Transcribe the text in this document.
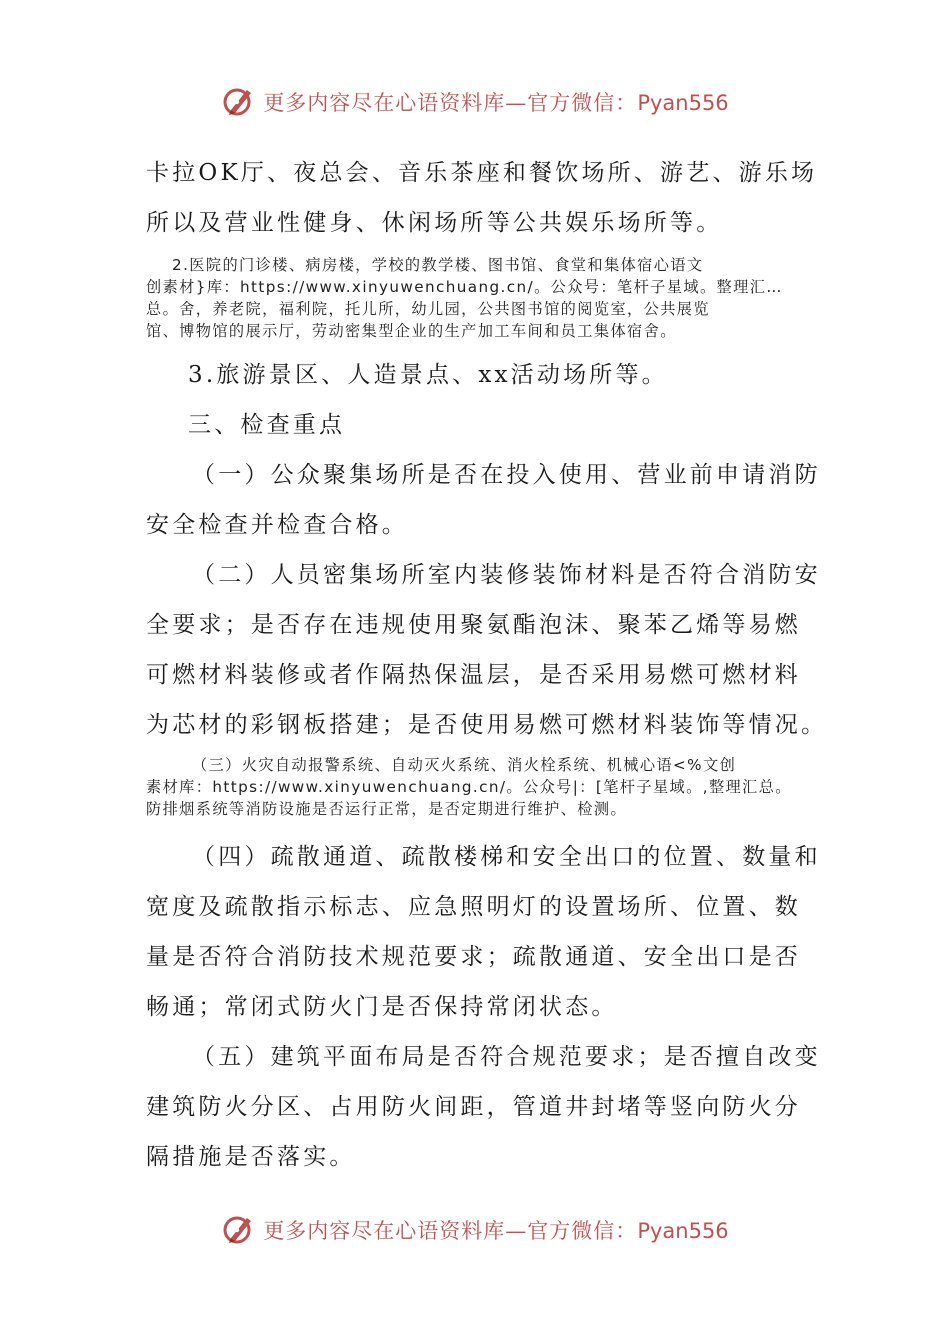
更多内容尽在心语资料库—官方微信：Pyan556

卡拉OK厅、夜总会、音乐茶座和餐饮场所、游艺、游乐场

所以及营业性健身、休闲场所等公共娱乐场所等。

2.医院的门诊楼、病房楼，学校的教学楼、图书馆、食堂和集体宿心语文

创素材}库：https://www.xinyuwenchuang.cn/。公众号：笔杆子星域。整理汇…

总。舍，养老院，福利院，托儿所，幼儿园，公共图书馆的阅览室，公共展览

馆、博物馆的展示厅，劳动密集型企业的生产加工车间和员工集体宿舍。

3.旅游景区、人造景点、xx活动场所等。

三、检查重点

（一）公众聚集场所是否在投入使用、营业前申请消防

安全检查并检查合格。

（二）人员密集场所室内装修装饰材料是否符合消防安

全要求；是否存在违规使用聚氨酯泡沫、聚苯乙烯等易燃

可燃材料装修或者作隔热保温层，是否采用易燃可燃材料

为芯材的彩钢板搭建；是否使用易燃可燃材料装饰等情况。

（三）火灾自动报警系统、自动灭火系统、消火栓系统、机械心语<%文创

素材库：https://www.xinyuwenchuang.cn/。公众号|：[笔杆子星域。,整理汇总。

防排烟系统等消防设施是否运行正常，是否定期进行维护、检测。

（四）疏散通道、疏散楼梯和安全出口的位置、数量和

宽度及疏散指示标志、应急照明灯的设置场所、位置、数

量是否符合消防技术规范要求；疏散通道、安全出口是否

畅通；常闭式防火门是否保持常闭状态。

（五）建筑平面布局是否符合规范要求；是否擅自改变

建筑防火分区、占用防火间距，管道井封堵等竖向防火分

隔措施是否落实。

更多内容尽在心语资料库—官方微信：Pyan556
